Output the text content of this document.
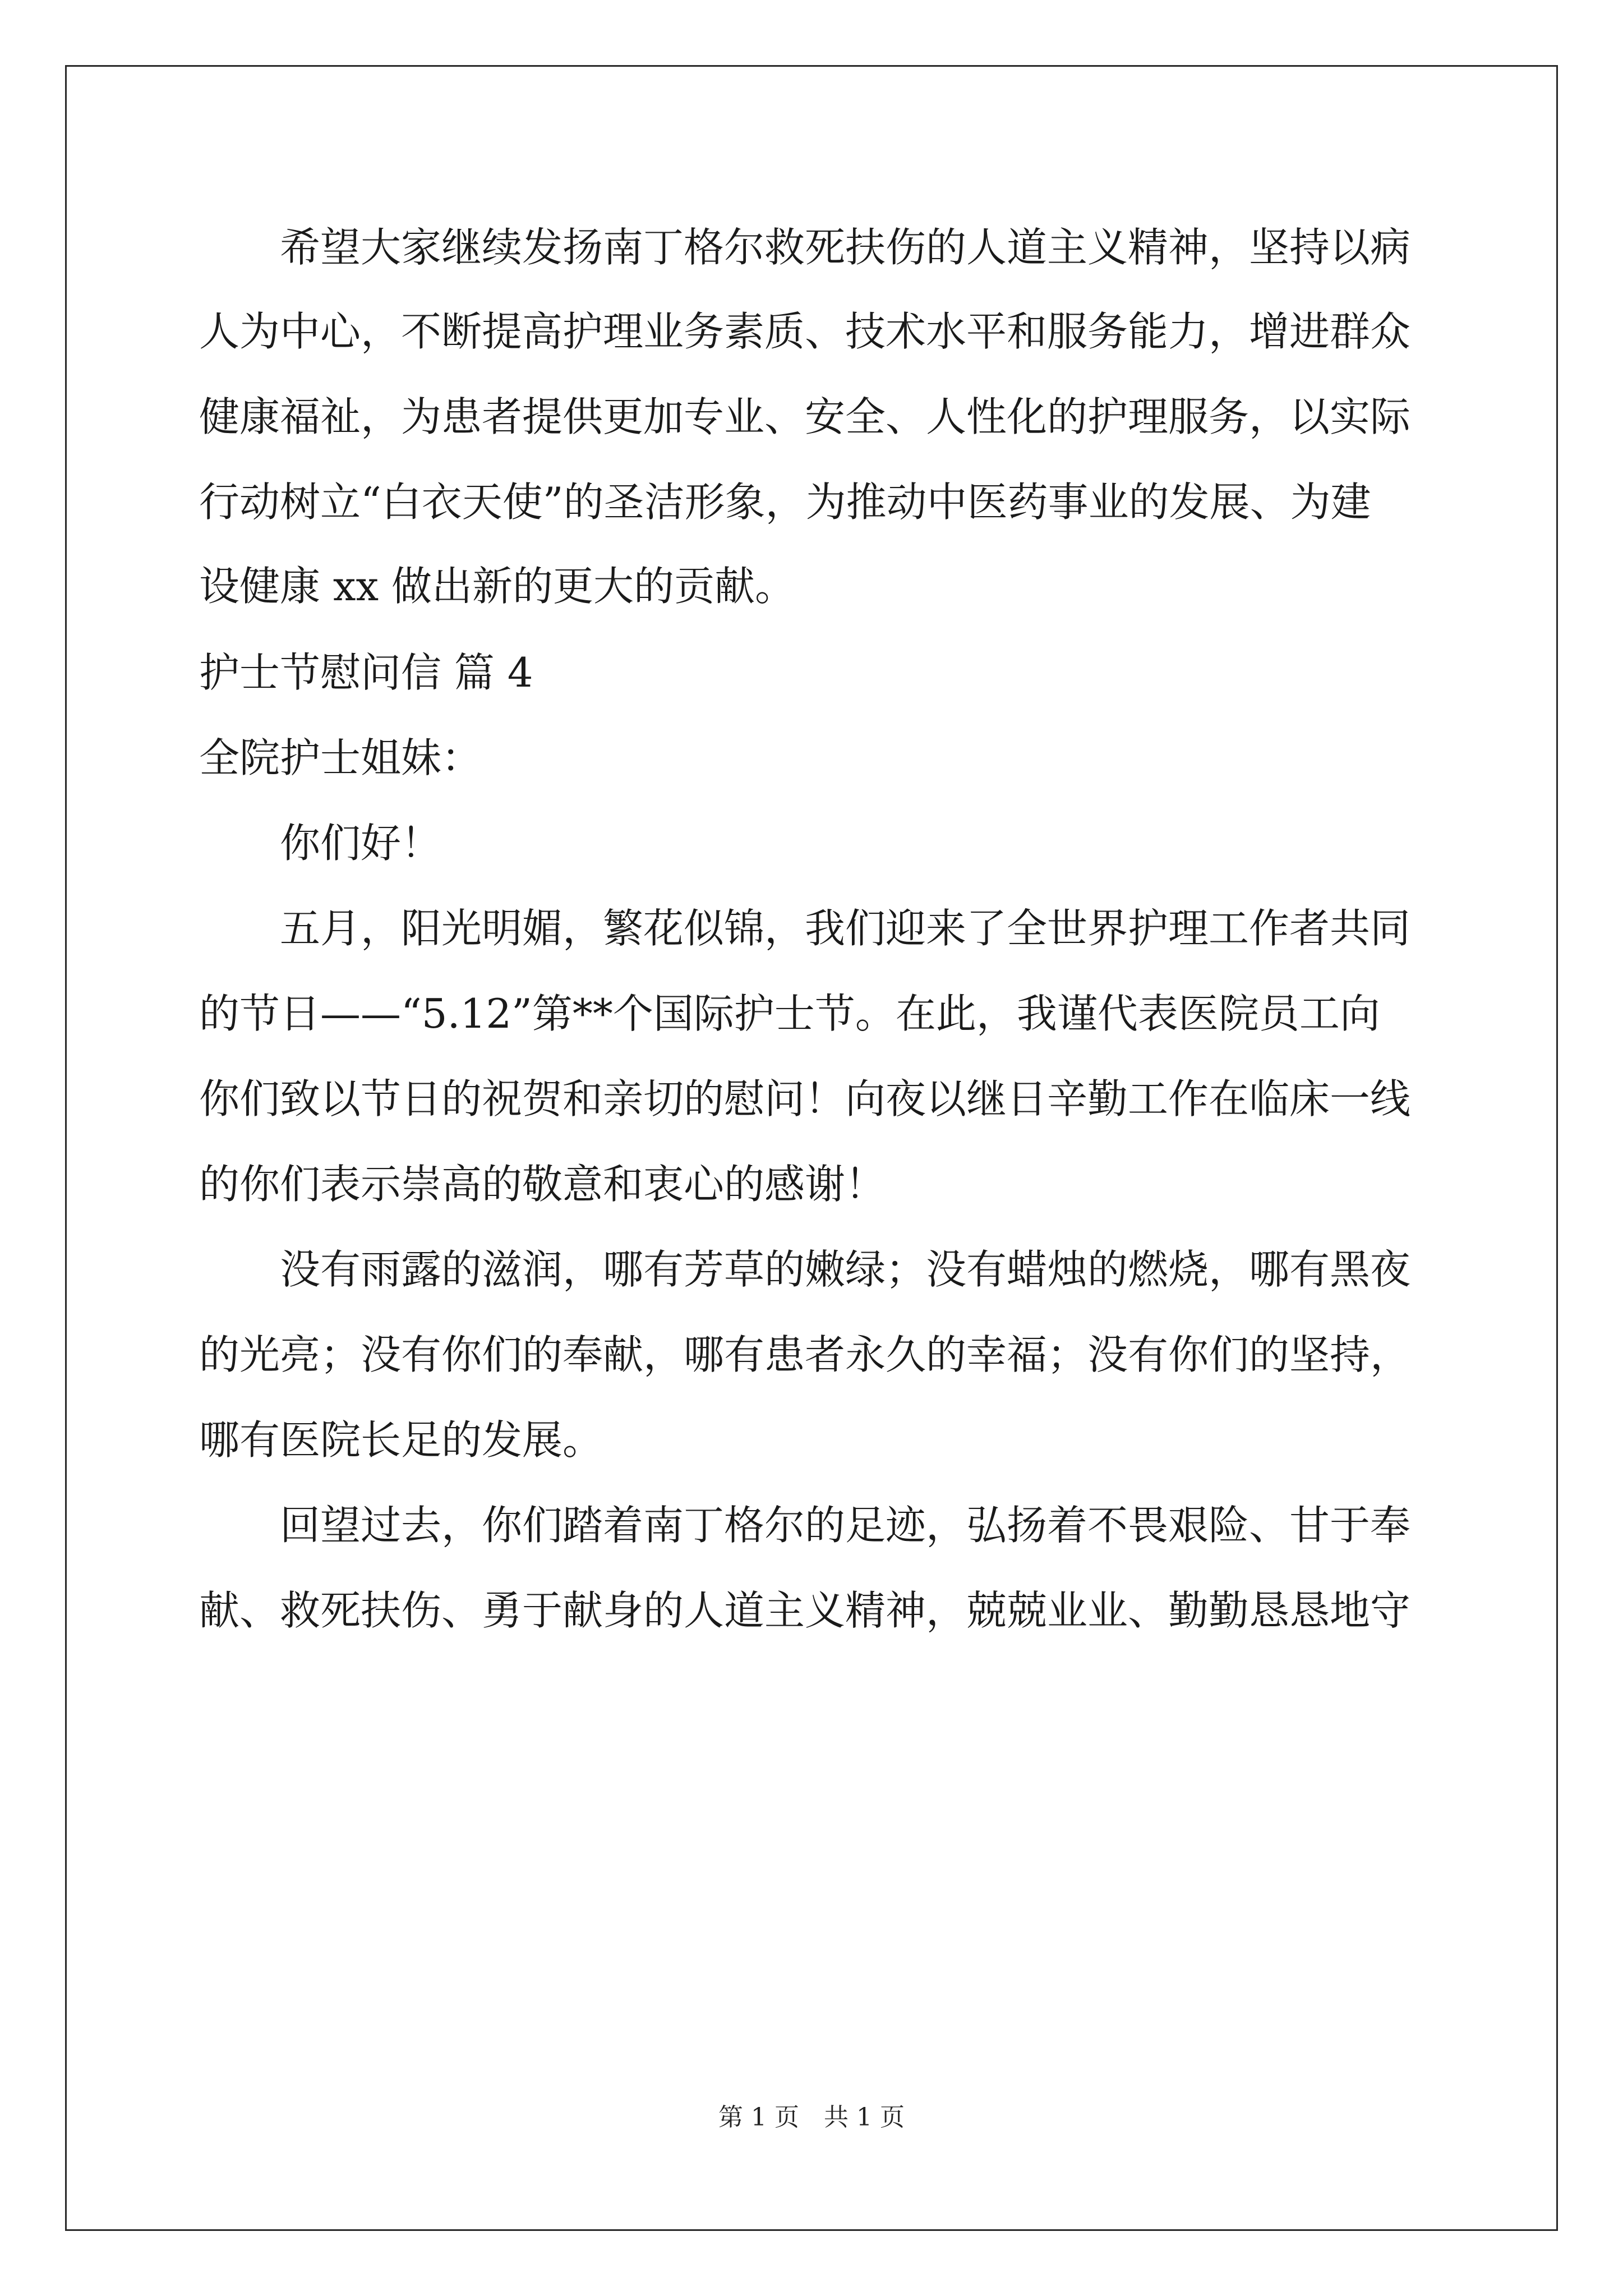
　　希望大家继续发扬南丁格尔救死扶伤的人道主义精神，坚持以病
人为中心，不断提高护理业务素质、技术水平和服务能力，增进群众
健康福祉，为患者提供更加专业、安全、人性化的护理服务，以实际
行动树立“白衣天使”的圣洁形象，为推动中医药事业的发展、为建
设健康 xx 做出新的更大的贡献。
护士节慰问信 篇 4
全院护士姐妹：
　　你们好！
　　五月，阳光明媚，繁花似锦，我们迎来了全世界护理工作者共同
的节日——“5.12”第**个国际护士节。在此，我谨代表医院员工向
你们致以节日的祝贺和亲切的慰问！向夜以继日辛勤工作在临床一线
的你们表示崇高的敬意和衷心的感谢！
　　没有雨露的滋润，哪有芳草的嫩绿；没有蜡烛的燃烧，哪有黑夜
的光亮；没有你们的奉献，哪有患者永久的幸福；没有你们的坚持，
哪有医院长足的发展。
　　回望过去，你们踏着南丁格尔的足迹，弘扬着不畏艰险、甘于奉
献、救死扶伤、勇于献身的人道主义精神，兢兢业业、勤勤恳恳地守
第 1 页　共 1 页
